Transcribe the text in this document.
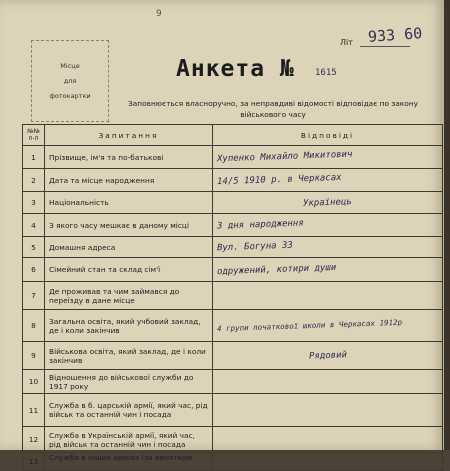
9
Місце
для
фотокартки
Літ 933 60
Анкета № 1615
Заповнюється власноручно, за неправдиві відомості відповідає по закону
військового часу
№№ п-п	Запитання	Відповіді
1	Прізвище, ім'я та по-батькові	Хупенко Михайло Микитович
2	Дата та місце народження	14/5 1910 р. в Черкасах
3	Національність	Українець
4	З якого часу мешкає в даному місці	З дня народження
5	Домашня адреса	Вул. Богуна 33
6	Сімейний стан та склад сім'ї	одружений, котири души
7	Де проживав та чим займався до переїзду в дане місце	
8	Загальна освіта, який учбовий заклад, де і коли закінчив	4 групи початкової школи в Черкасах 1912р
9	Військова освіта, який заклад, де і коли закінчив	Рядовий
10	Відношення до військової служби до 1917 року	
11	Служба в б. царській армії, який час, рід військ та останній чин і посада	
12	Служба в Українській армії, який час, рід військ та останній чин і посада	
13	Служба в інших арміях (за винятком	
